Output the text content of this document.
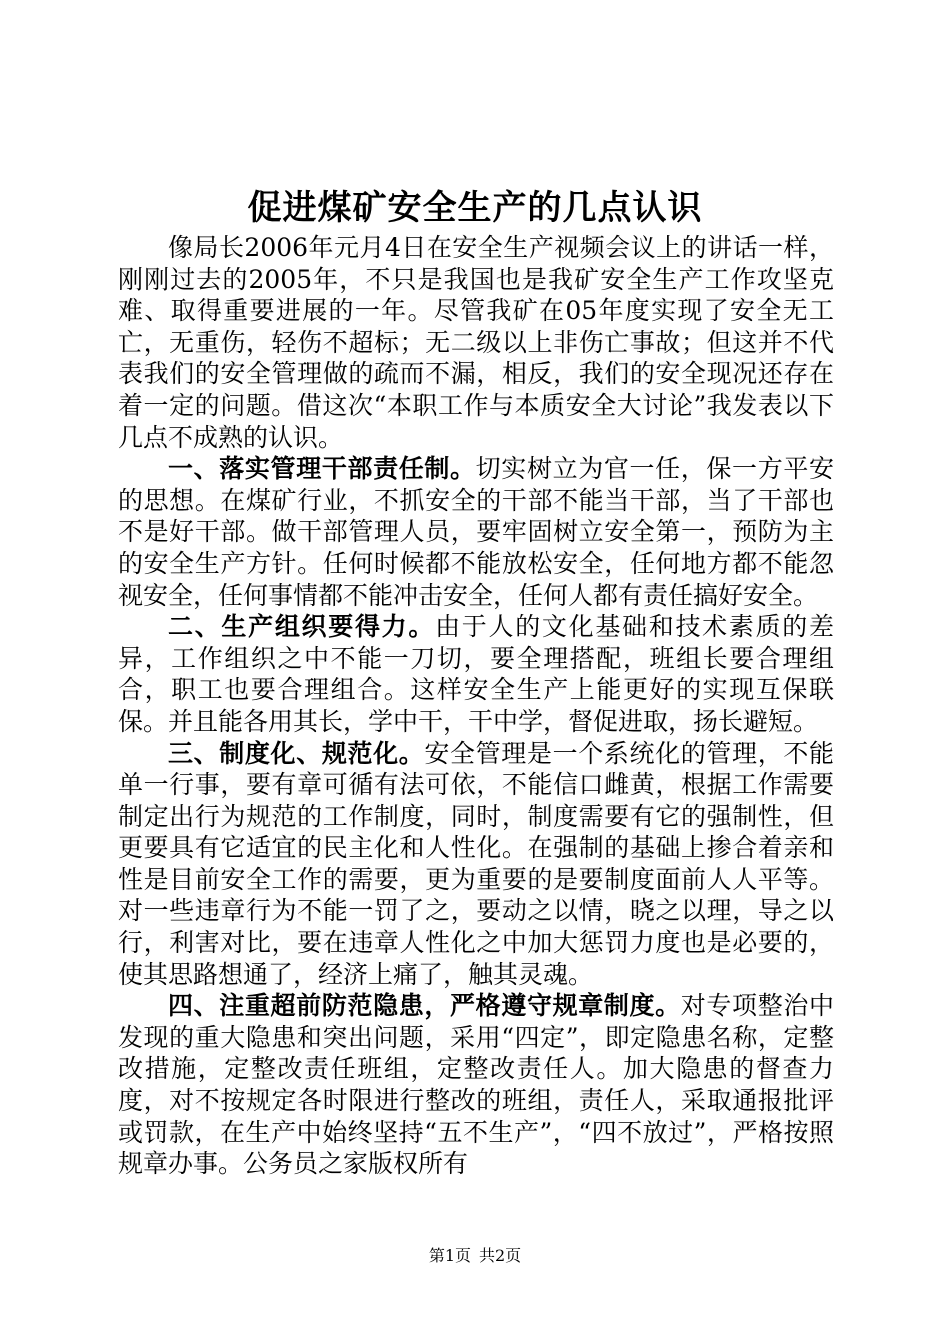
促进煤矿安全生产的几点认识

像局长2006年元月4日在安全生产视频会议上的讲话一样，刚刚过去的2005年，不只是我国也是我矿安全生产工作攻坚克难、取得重要进展的一年。尽管我矿在05年度实现了安全无工亡，无重伤，轻伤不超标；无二级以上非伤亡事故；但这并不代表我们的安全管理做的疏而不漏，相反，我们的安全现况还存在着一定的问题。借这次“本职工作与本质安全大讨论”我发表以下几点不成熟的认识。

一、落实管理干部责任制。切实树立为官一任，保一方平安的思想。在煤矿行业，不抓安全的干部不能当干部，当了干部也不是好干部。做干部管理人员，要牢固树立安全第一，预防为主的安全生产方针。任何时候都不能放松安全，任何地方都不能忽视安全，任何事情都不能冲击安全，任何人都有责任搞好安全。

二、生产组织要得力。由于人的文化基础和技术素质的差异，工作组织之中不能一刀切，要全理搭配，班组长要合理组合，职工也要合理组合。这样安全生产上能更好的实现互保联保。并且能各用其长，学中干，干中学，督促进取，扬长避短。

三、制度化、规范化。安全管理是一个系统化的管理，不能单一行事，要有章可循有法可依，不能信口雌黄，根据工作需要制定出行为规范的工作制度，同时，制度需要有它的强制性，但更要具有它适宜的民主化和人性化。在强制的基础上掺合着亲和性是目前安全工作的需要，更为重要的是要制度面前人人平等。对一些违章行为不能一罚了之，要动之以情，晓之以理，导之以行，利害对比，要在违章人性化之中加大惩罚力度也是必要的，使其思路想通了，经济上痛了，触其灵魂。

四、注重超前防范隐患，严格遵守规章制度。对专项整治中发现的重大隐患和突出问题，采用“四定”，即定隐患名称，定整改措施，定整改责任班组，定整改责任人。加大隐患的督查力度，对不按规定各时限进行整改的班组，责任人，采取通报批评或罚款，在生产中始终坚持“五不生产”，“四不放过”，严格按照规章办事。公务员之家版权所有

第1页 共2页
